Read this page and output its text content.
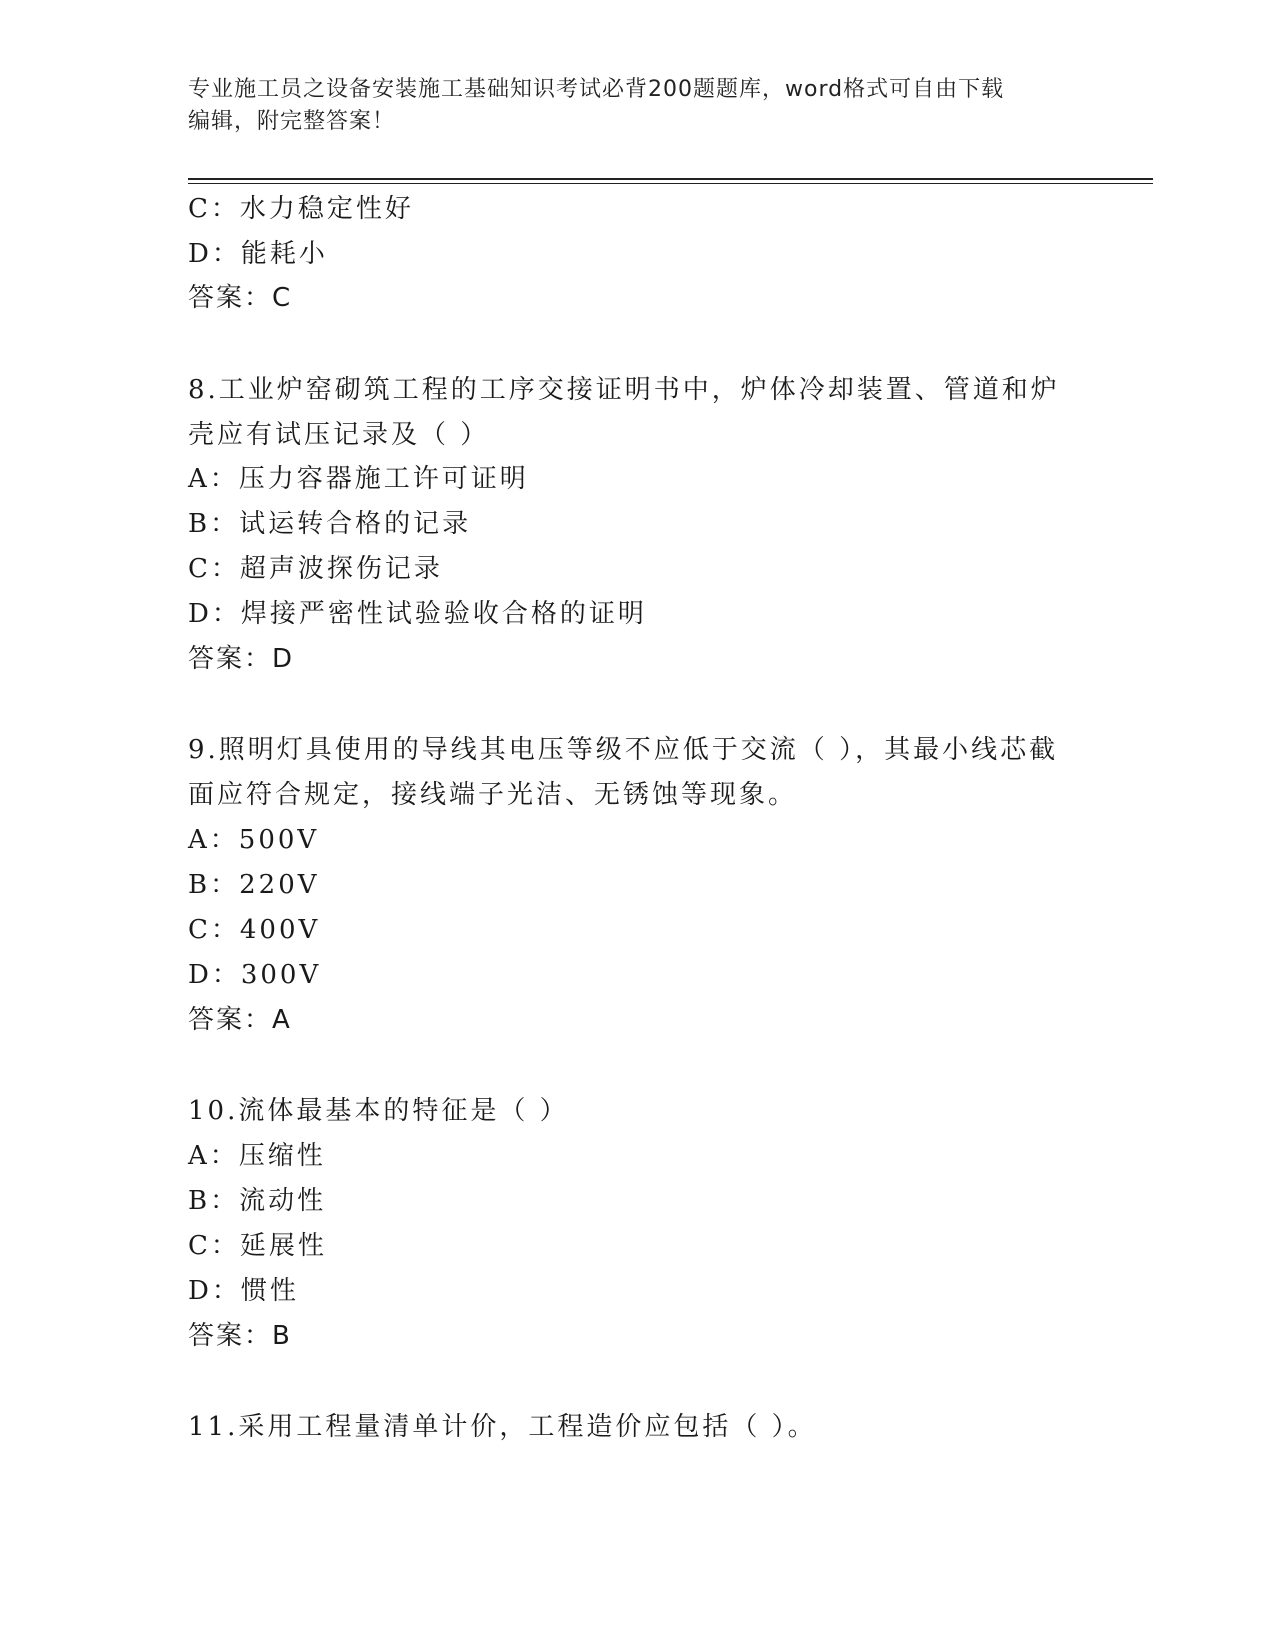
专业施工员之设备安装施工基础知识考试必背200题题库，word格式可自由下载
编辑，附完整答案！
C：水力稳定性好
D：能耗小
答案：C
8.工业炉窑砌筑工程的工序交接证明书中，炉体冷却装置、管道和炉
壳应有试压记录及（ ）
A：压力容器施工许可证明
B：试运转合格的记录
C：超声波探伤记录
D：焊接严密性试验验收合格的证明
答案：D
9.照明灯具使用的导线其电压等级不应低于交流（ ），其最小线芯截
面应符合规定，接线端子光洁、无锈蚀等现象。
A：500V
B：220V
C：400V
D：300V
答案：A
10.流体最基本的特征是（ ）
A：压缩性
B：流动性
C：延展性
D：惯性
答案：B
11.采用工程量清单计价，工程造价应包括（ ）。
